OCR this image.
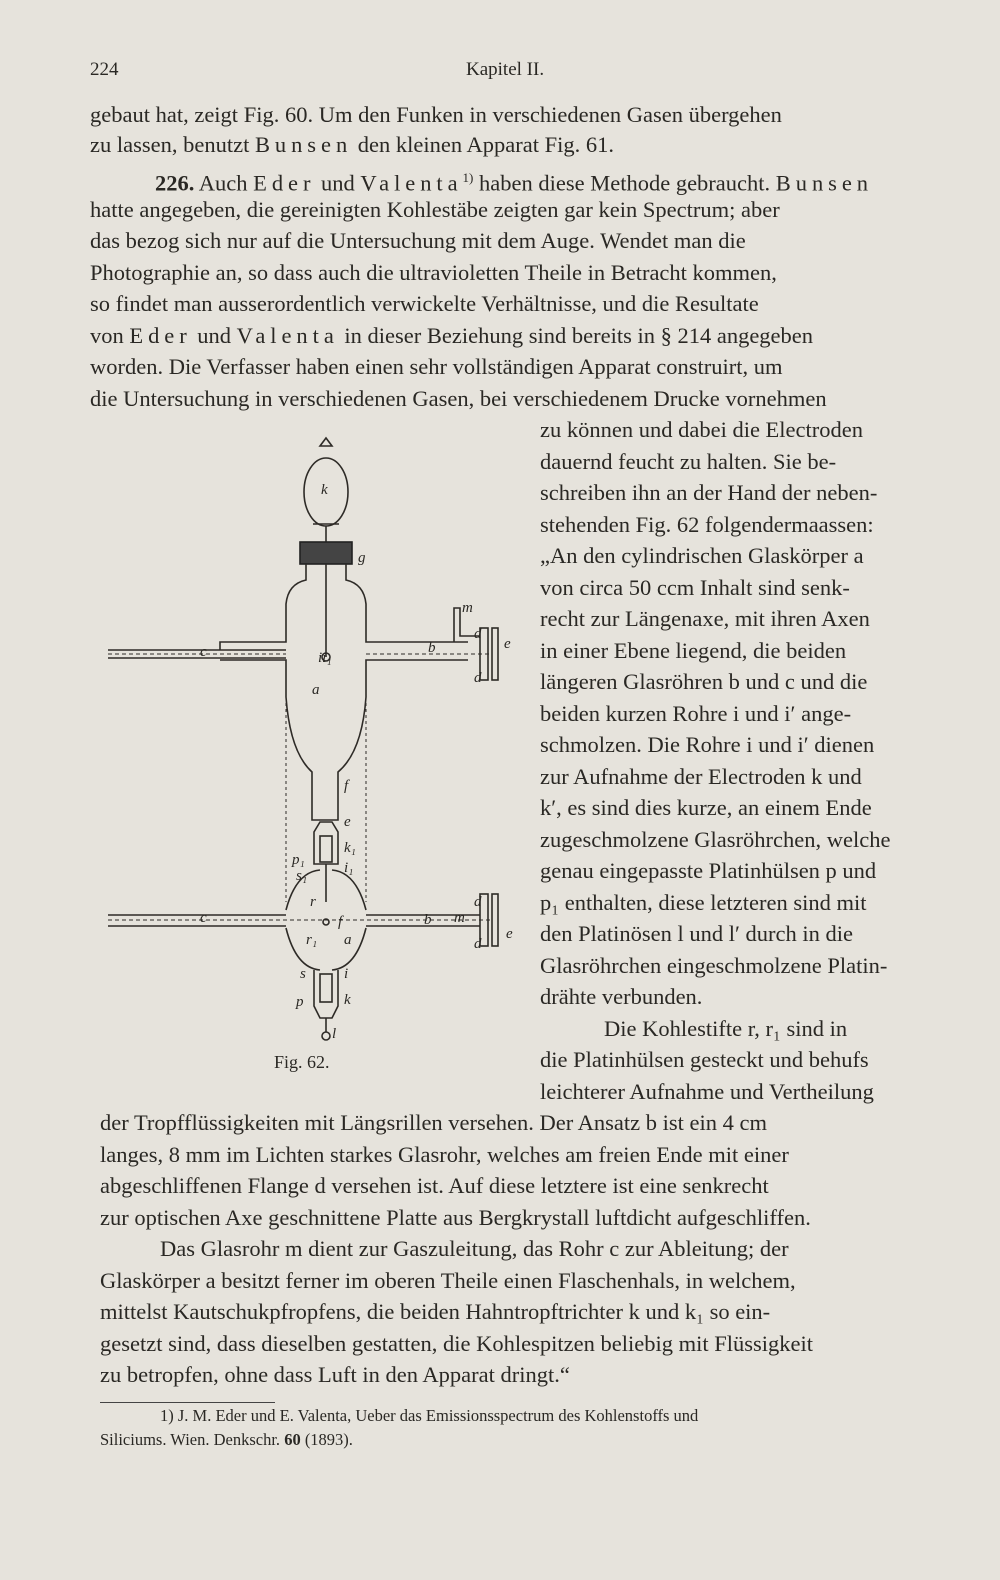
224	Kapitel II.

gebaut hat, zeigt Fig. 60. Um den Funken in verschiedenen Gasen übergehen

zu lassen, benutzt Bunsen den kleinen Apparat Fig. 61.

226. Auch Eder und Valenta$^{1)}$ haben diese Methode gebraucht. Bunsen

hatte angegeben, die gereinigten Kohlestäbe zeigten gar kein Spectrum; aber

das bezog sich nur auf die Untersuchung mit dem Auge. Wendet man die

Photographie an, so dass auch die ultravioletten Theile in Betracht kommen,

so findet man ausserordentlich verwickelte Verhältnisse, und die Resultate

von Eder und Valenta in dieser Beziehung sind bereits in § 214 angegeben

worden. Die Verfasser haben einen sehr vollständigen Apparat construirt, um

die Untersuchung in verschiedenen Gasen, bei verschiedenem Drucke vornehmen

zu können und dabei die Electroden

dauernd feucht zu halten. Sie be-

schreiben ihn an der Hand der neben-

stehenden Fig. 62 folgendermaassen:

„An den cylindrischen Glaskörper a

von circa 50 ccm Inhalt sind senk-

recht zur Längenaxe, mit ihren Axen

in einer Ebene liegend, die beiden

längeren Glasröhren b und c und die

beiden kurzen Rohre i und i′ ange-

schmolzen. Die Rohre i und i′ dienen

zur Aufnahme der Electroden k und

k′, es sind dies kurze, an einem Ende

zugeschmolzene Glasröhrchen, welche

genau eingepasste Platinhülsen p und

p₁ enthalten, diese letzteren sind mit

den Platinösen l und l′ durch in die

Glasröhrchen eingeschmolzene Platin-

drähte verbunden.

Die Kohlestifte r, r₁ sind in

die Platinhülsen gesteckt und behufs

leichterer Aufnahme und Vertheilung

k
g
m
d
e
c	b
ii₁
d
a
f
e
k₁
i₁
p₁
s₁
r	d
c	f	b m
e
r₁ a	d
s	i
p	k
l
Fig. 62.

der Tropfflüssigkeiten mit Längsrillen versehen. Der Ansatz b ist ein 4 cm

langes, 8 mm im Lichten starkes Glasrohr, welches am freien Ende mit einer

abgeschliffenen Flange d versehen ist. Auf diese letztere ist eine senkrecht

zur optischen Axe geschnittene Platte aus Bergkrystall luftdicht aufgeschliffen.

Das Glasrohr m dient zur Gaszuleitung, das Rohr c zur Ableitung; der

Glaskörper a besitzt ferner im oberen Theile einen Flaschenhals, in welchem,

mittelst Kautschukpfropfens, die beiden Hahntropftrichter k und k₁ so ein-

gesetzt sind, dass dieselben gestatten, die Kohlespitzen beliebig mit Flüssigkeit

zu betropfen, ohne dass Luft in den Apparat dringt.“

1) J. M. Eder und E. Valenta, Ueber das Emissionsspectrum des Kohlenstoffs und

Siliciums. Wien. Denkschr. 60 (1893).
